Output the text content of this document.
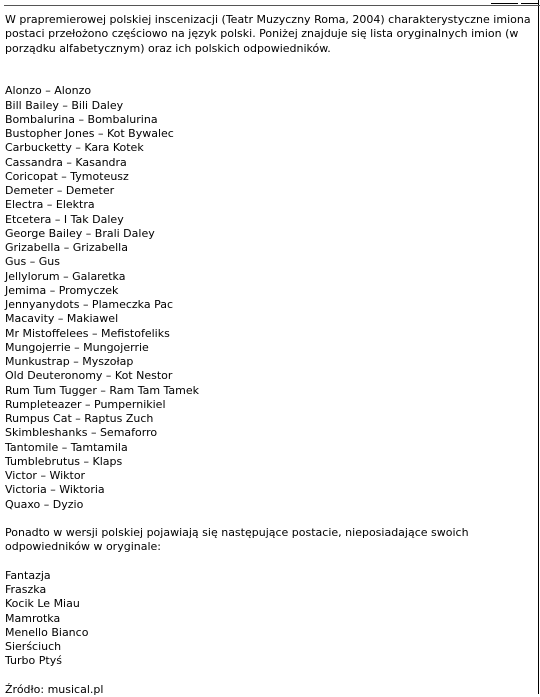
W prapremierowej polskiej inscenizacji (Teatr Muzyczny Roma, 2004) charakterystyczne imiona postaci przełożono częściowo na język polski. Poniżej znajduje się lista oryginalnych imion (w porządku alfabetycznym) oraz ich polskich odpowiedników.

Alonzo – Alonzo
Bill Bailey – Bili Daley
Bombalurina – Bombalurina
Bustopher Jones – Kot Bywalec
Carbucketty – Kara Kotek
Cassandra – Kasandra
Coricopat – Tymoteusz
Demeter – Demeter
Electra – Elektra
Etcetera – I Tak Daley
George Bailey – Brali Daley
Grizabella – Grizabella
Gus – Gus
Jellylorum – Galaretka
Jemima – Promyczek
Jennyanydots – Plameczka Pac
Macavity – Makiawel
Mr Mistoffelees – Mefistofeliks
Mungojerrie – Mungojerrie
Munkustrap – Myszołap
Old Deuteronomy – Kot Nestor
Rum Tum Tugger – Ram Tam Tamek
Rumpleteazer – Pumpernikiel
Rumpus Cat – Raptus Zuch
Skimbleshanks – Semaforro
Tantomile – Tamtamila
Tumblebrutus – Klaps
Victor – Wiktor
Victoria – Wiktoria
Quaxo – Dyzio

Ponadto w wersji polskiej pojawiają się następujące postacie, nieposiadające swoich odpowiedników w oryginale:

Fantazja
Fraszka
Kocik Le Miau
Mamrotka
Menello Bianco
Sierściuch
Turbo Ptyś

Źródło: musical.pl
